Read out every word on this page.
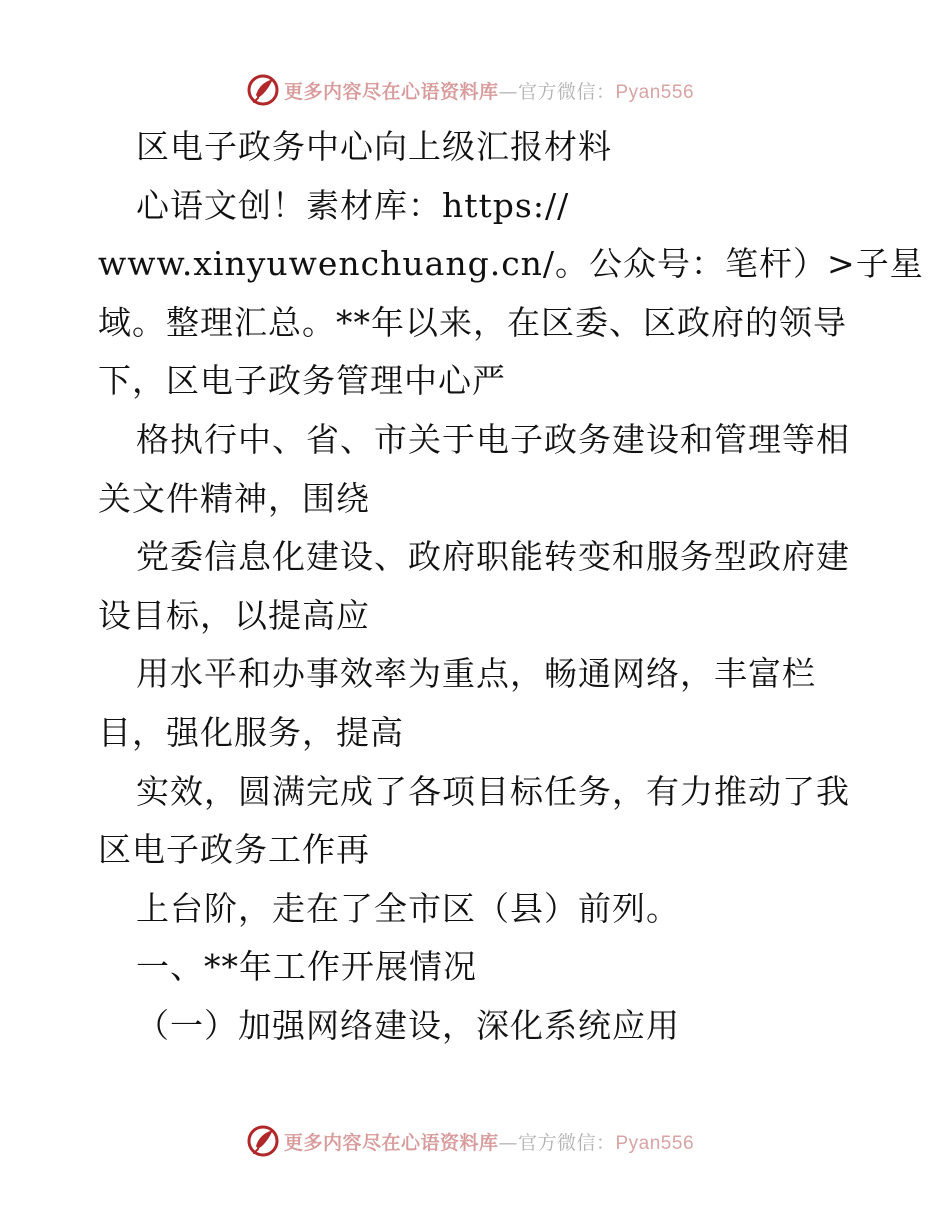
更多内容尽在心语资料库—官方微信：Pyan556
区电子政务中心向上级汇报材料
心语文创！素材库：https://
www.xinyuwenchuang.cn/。公众号：笔杆）>子星
域。整理汇总。**年以来，在区委、区政府的领导
下，区电子政务管理中心严
格执行中、省、市关于电子政务建设和管理等相
关文件精神，围绕
党委信息化建设、政府职能转变和服务型政府建
设目标，以提高应
用水平和办事效率为重点，畅通网络，丰富栏
目，强化服务，提高
实效，圆满完成了各项目标任务，有力推动了我
区电子政务工作再
上台阶，走在了全市区（县）前列。
一、**年工作开展情况
（一）加强网络建设，深化系统应用
更多内容尽在心语资料库—官方微信：Pyan556
